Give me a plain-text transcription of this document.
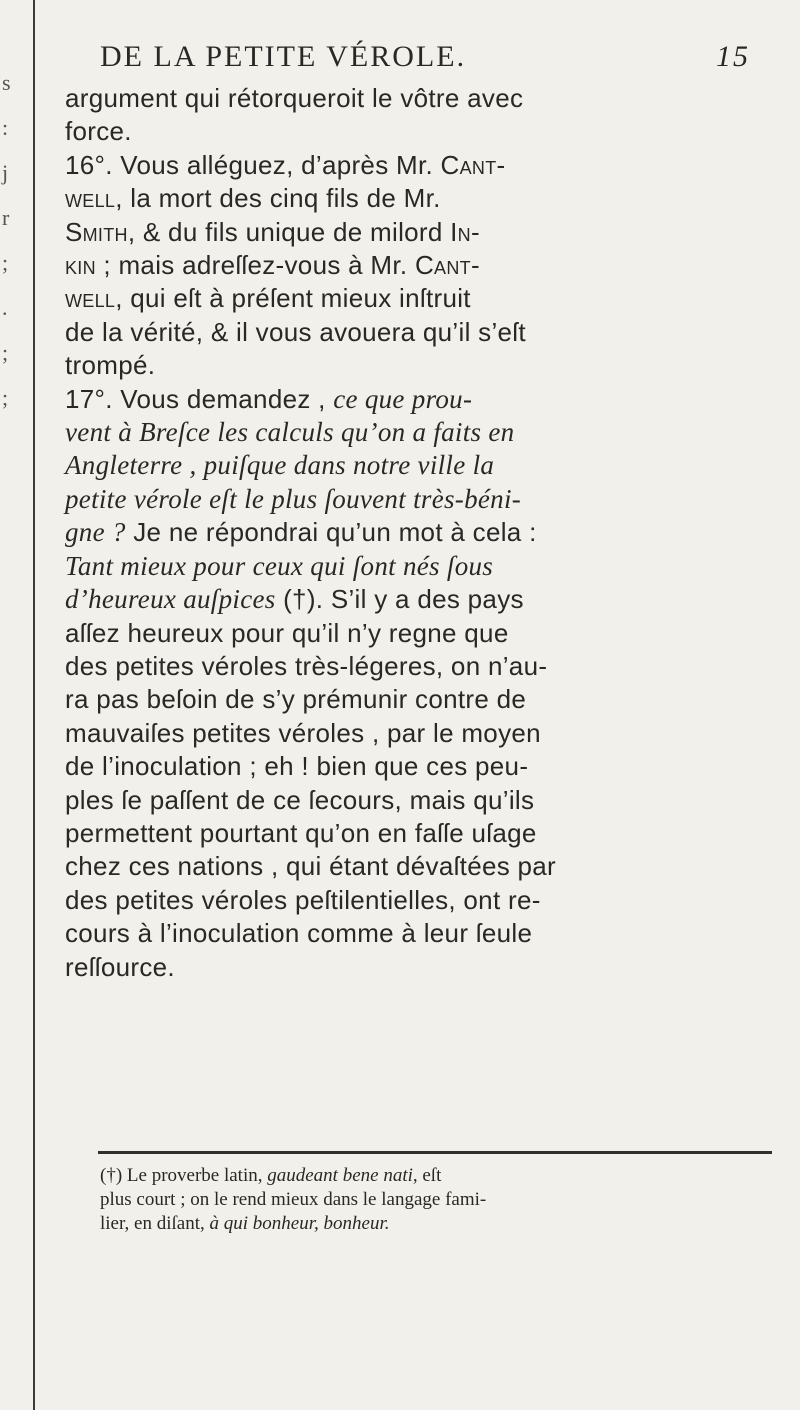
s
:
j
r
;
.
;
;
DE LA PETITE VÉROLE.	15
argument qui rétorqueroit le vôtre avec
force.
16°. Vous alléguez, d’après Mr. Cant-
well, la mort des cinq fils de Mr.
Smith, & du fils unique de milord In-
kin ; mais adreſſez-vous à Mr. Cant-
well, qui eſt à préſent mieux inſtruit
de la vérité, & il vous avouera qu’il s’eſt
trompé.
17°. Vous demandez , ce que prou-
vent à Breſce les calculs qu’on a faits en
Angleterre , puiſque dans notre ville la
petite vérole eſt le plus ſouvent très-béni-
gne ? Je ne répondrai qu’un mot à cela :
Tant mieux pour ceux qui ſont nés ſous
d’heureux auſpices (†). S’il y a des pays
aſſez heureux pour qu’il n’y regne que
des petites véroles très-légeres, on n’au-
ra pas beſoin de s’y prémunir contre de
mauvaiſes petites véroles , par le moyen
de l’inoculation ; eh ! bien que ces peu-
ples ſe paſſent de ce ſecours, mais qu’ils
permettent pourtant qu’on en faſſe uſage
chez ces nations , qui étant dévaſtées par
des petites véroles peſtilentielles, ont re-
cours à l’inoculation comme à leur ſeule
reſſource.
(†) Le proverbe latin, gaudeant bene nati, eſt
plus court ; on le rend mieux dans le langage fami-
lier, en diſant, à qui bonheur, bonheur.
